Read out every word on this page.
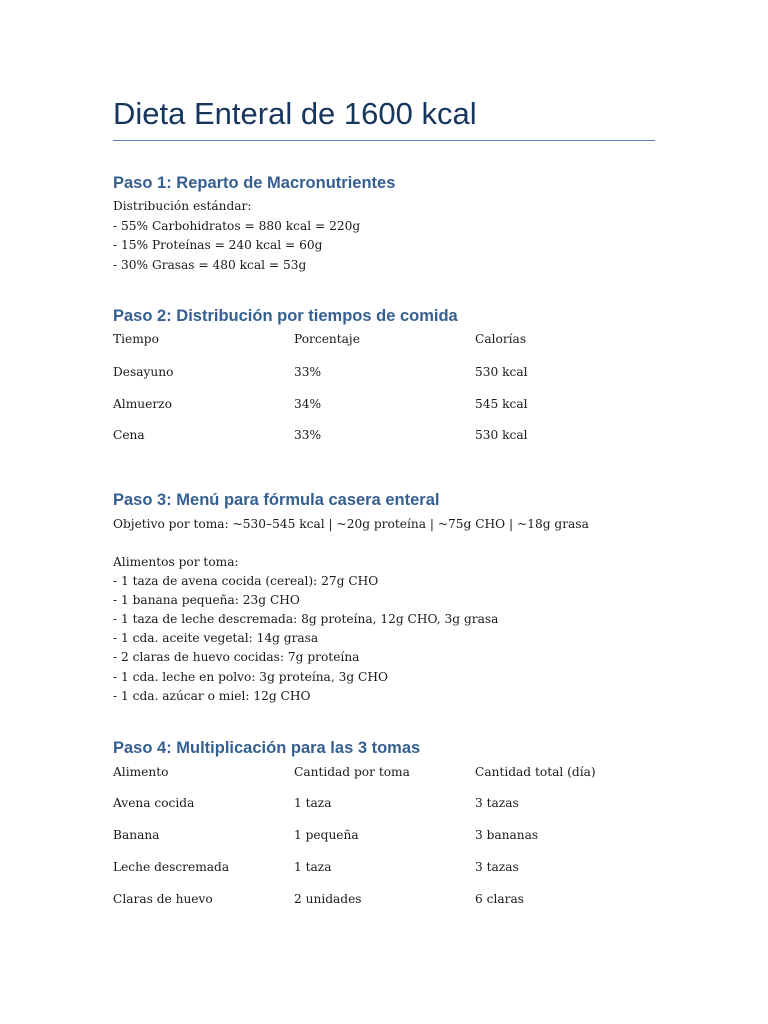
Dieta Enteral de 1600 kcal
Paso 1: Reparto de Macronutrientes
Distribución estándar:
- 55% Carbohidratos = 880 kcal = 220g
- 15% Proteínas = 240 kcal = 60g
- 30% Grasas = 480 kcal = 53g
Paso 2: Distribución por tiempos de comida
Tiempo	Porcentaje	Calorías
Desayuno	33%	530 kcal
Almuerzo	34%	545 kcal
Cena	33%	530 kcal
Paso 3: Menú para fórmula casera enteral
Objetivo por toma: ~530–545 kcal | ~20g proteína | ~75g CHO | ~18g grasa
Alimentos por toma:
- 1 taza de avena cocida (cereal): 27g CHO
- 1 banana pequeña: 23g CHO
- 1 taza de leche descremada: 8g proteína, 12g CHO, 3g grasa
- 1 cda. aceite vegetal: 14g grasa
- 2 claras de huevo cocidas: 7g proteína
- 1 cda. leche en polvo: 3g proteína, 3g CHO
- 1 cda. azúcar o miel: 12g CHO
Paso 4: Multiplicación para las 3 tomas
Alimento	Cantidad por toma	Cantidad total (día)
Avena cocida	1 taza	3 tazas
Banana	1 pequeña	3 bananas
Leche descremada	1 taza	3 tazas
Claras de huevo	2 unidades	6 claras
